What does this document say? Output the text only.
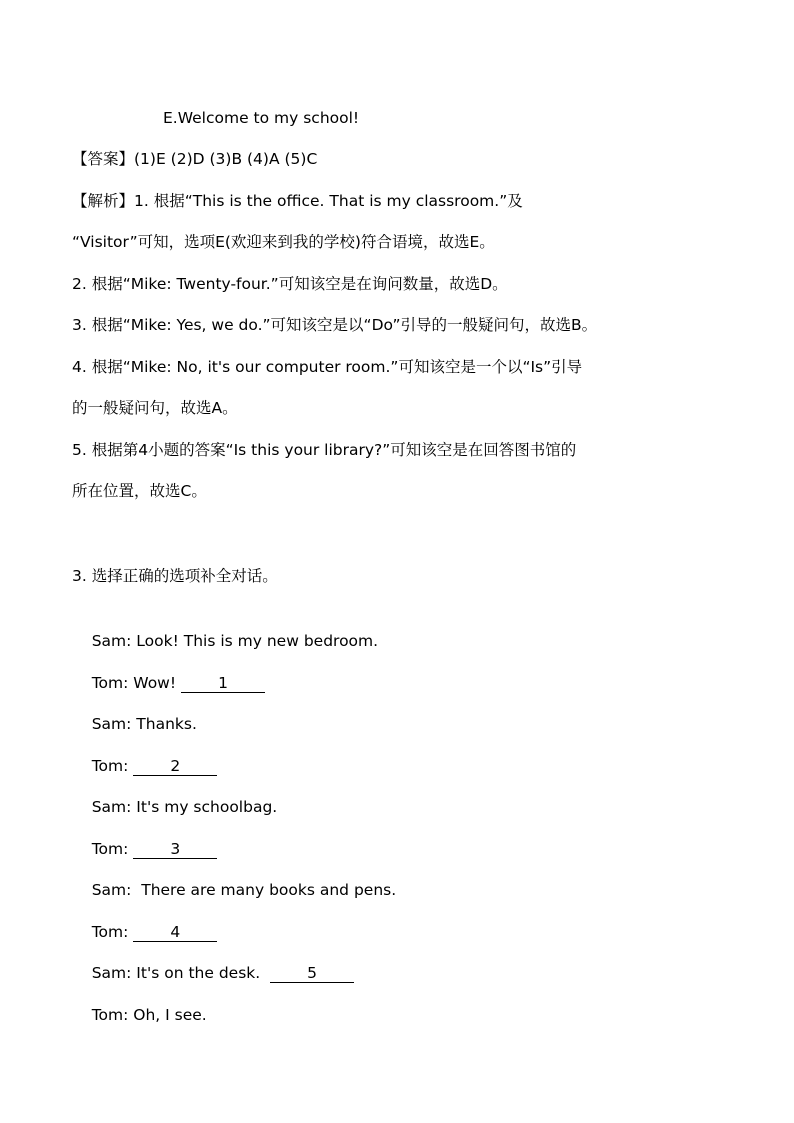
E.Welcome to my school!
【答案】(1)E (2)D (3)B (4)A (5)C
【解析】1. 根据“This is the office. That is my classroom.”及
“Visitor”可知，选项E(欢迎来到我的学校)符合语境，故选E。
2. 根据“Mike: Twenty-four.”可知该空是在询问数量，故选D。
3. 根据“Mike: Yes, we do.”可知该空是以“Do”引导的一般疑问句，故选B。
4. 根据“Mike: No, it's our computer room.”可知该空是一个以“Is”引导
的一般疑问句，故选A。
5. 根据第4小题的答案“Is this your library?”可知该空是在回答图书馆的
所在位置，故选C。
3. 选择正确的选项补全对话。

Sam: Look! This is my new bedroom.

Tom: Wow! 1

Sam: Thanks.

Tom: 2

Sam: It's my schoolbag.

Tom: 3

Sam:  There are many books and pens.

Tom: 4

Sam: It's on the desk.  5

Tom: Oh, I see.
